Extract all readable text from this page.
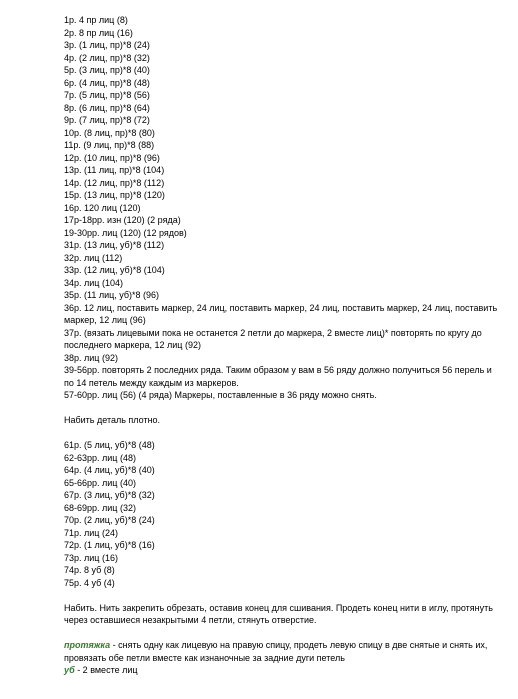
1р. 4 пр лиц (8)
2р. 8 пр лиц (16)
3р. (1 лиц, пр)*8 (24)
4р. (2 лиц, пр)*8 (32)
5р. (3 лиц, пр)*8 (40)
6р. (4 лиц, пр)*8 (48)
7р. (5 лиц, пр)*8 (56)
8р. (6 лиц, пр)*8 (64)
9р. (7 лиц, пр)*8 (72)
10р. (8 лиц, пр)*8 (80)
11р. (9 лиц, пр)*8 (88)
12р. (10 лиц, пр)*8 (96)
13р. (11 лиц, пр)*8 (104)
14р. (12 лиц, пр)*8 (112)
15р. (13 лиц, пр)*8 (120)
16р. 120 лиц (120)
17р-18рр. изн (120) (2 ряда)
19-30рр. лиц (120) (12 рядов)
31р. (13 лиц, уб)*8 (112)
32р. лиц (112)
33р. (12 лиц, уб)*8 (104)
34р. лиц (104)
35р. (11 лиц, уб)*8 (96)
36р. 12 лиц, поставить маркер, 24 лиц, поставить маркер, 24 лиц, поставить маркер, 24 лиц, поставить маркер, 12 лиц (96)
37р. (вязать лицевыми пока не останется 2 петли до маркера, 2 вместе лиц)* повторять по кругу до последнего маркера, 12 лиц (92)
38р. лиц (92)
39-56рр. повторять 2 последних ряда. Таким образом у вам в 56 ряду должно получиться 56 перель и по 14 петель между каждым из маркеров.
57-60рр. лиц (56) (4 ряда) Маркеры, поставленные в 36 ряду можно снять.
Набить деталь плотно.
61р. (5 лиц, уб)*8 (48)
62-63рр. лиц (48)
64р. (4 лиц, уб)*8 (40)
65-66рр. лиц (40)
67р. (3 лиц, уб)*8 (32)
68-69рр. лиц (32)
70р. (2 лиц, уб)*8 (24)
71р. лиц (24)
72р. (1 лиц, уб)*8 (16)
73р. лиц (16)
74р. 8 уб (8)
75р. 4 уб (4)
Набить. Нить закрепить обрезать, оставив конец для сшивания. Продеть конец нити в иглу, протянуть через оставшиеся незакрытыми 4 петли, стянуть отверстие.
протяжка - снять одну как лицевую на правую спицу, продеть левую спицу в две снятые и снять их, провязать обе петли вместе как изнаночные за задние дуги петель
уб - 2 вместе лиц
